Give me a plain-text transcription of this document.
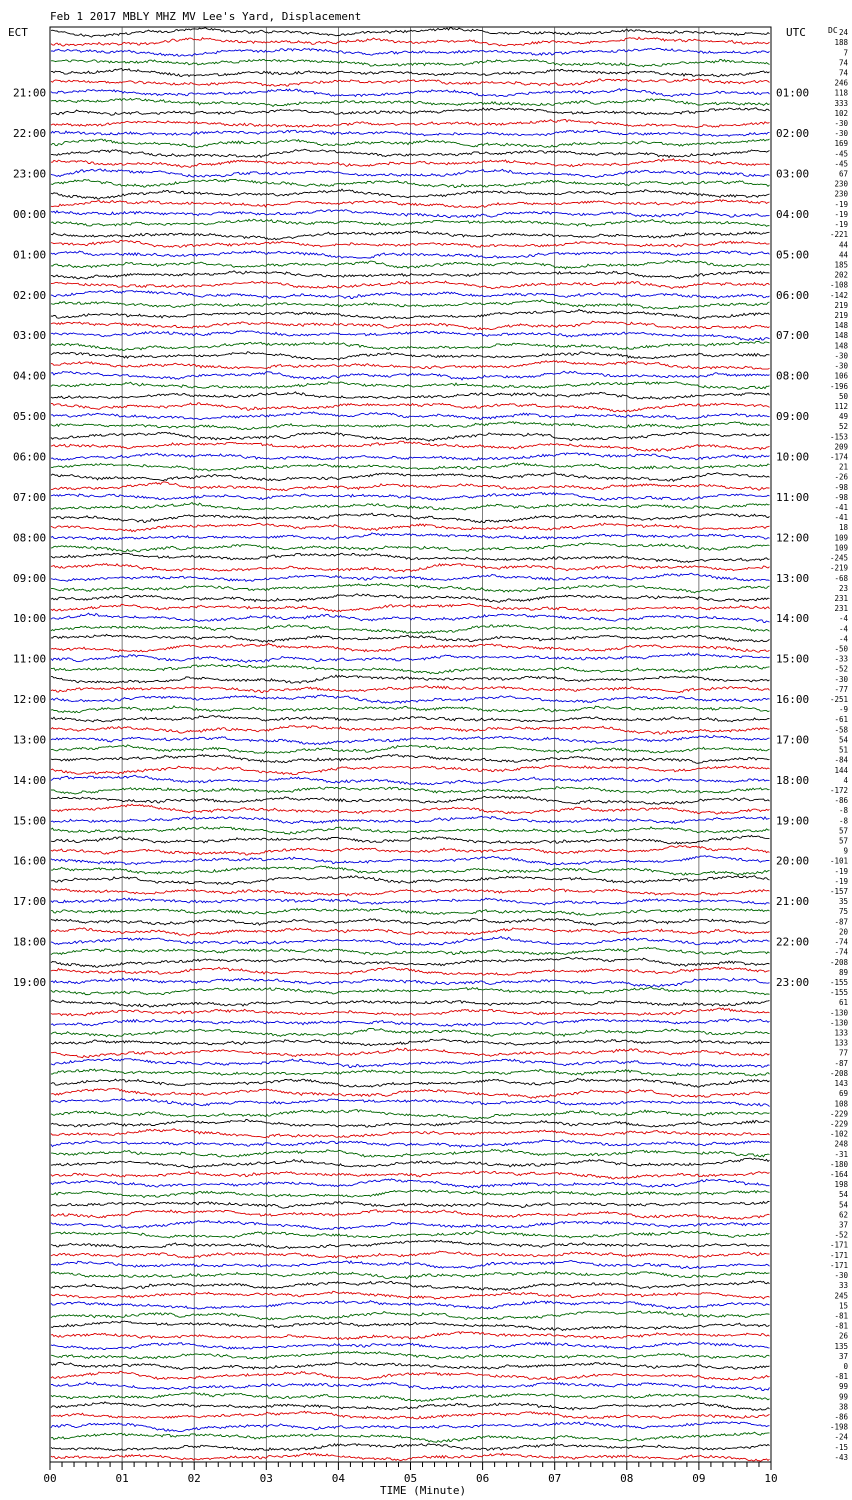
Feb 1 2017 MBLY MHZ MV Lee's Yard, Displacement
ECT	UTC	DC
21:00
22:00
23:00
00:00
01:00
02:00
03:00
04:00
05:00
06:00
07:00
08:00
09:00
10:00
11:00
12:00
13:00
14:00
15:00
16:00
17:00
18:00
19:00
01:00
02:00
03:00
04:00
05:00
06:00
07:00
08:00
09:00
10:00
11:00
12:00
13:00
14:00
15:00
16:00
17:00
18:00
19:00
20:00
21:00
22:00
23:00
24
188
7
74
74
246
118
333
102
-30
-30
169
-45
-45
67
230
230
-19
-19
-19
-221
44
44
185
202
-108
-142
219
219
148
148
148
-30
-30
106
-196
50
112
49
52
-153
209
-174
21
-26
-98
-98
-41
-41
18
109
109
-245
-219
-68
23
231
231
-4
-4
-4
-50
-33
-52
-30
-77
-251
-9
-61
-58
54
51
-84
144
4
-172
-86
-8
-8
57
57
9
-101
-19
-19
-157
35
75
-87
20
-74
-74
-208
89
-155
-155
61
-130
-130
133
133
77
-87
-208
143
69
108
-229
-229
-102
248
-31
-180
-164
198
54
54
62
37
-52
-171
-171
-171
-30
33
245
15
-81
-81
26
135
37
0
-81
99
99
38
-86
-198
-24
-15
-43
00	01	02	03	04	05	06	07	08	09	10
TIME (Minute)
